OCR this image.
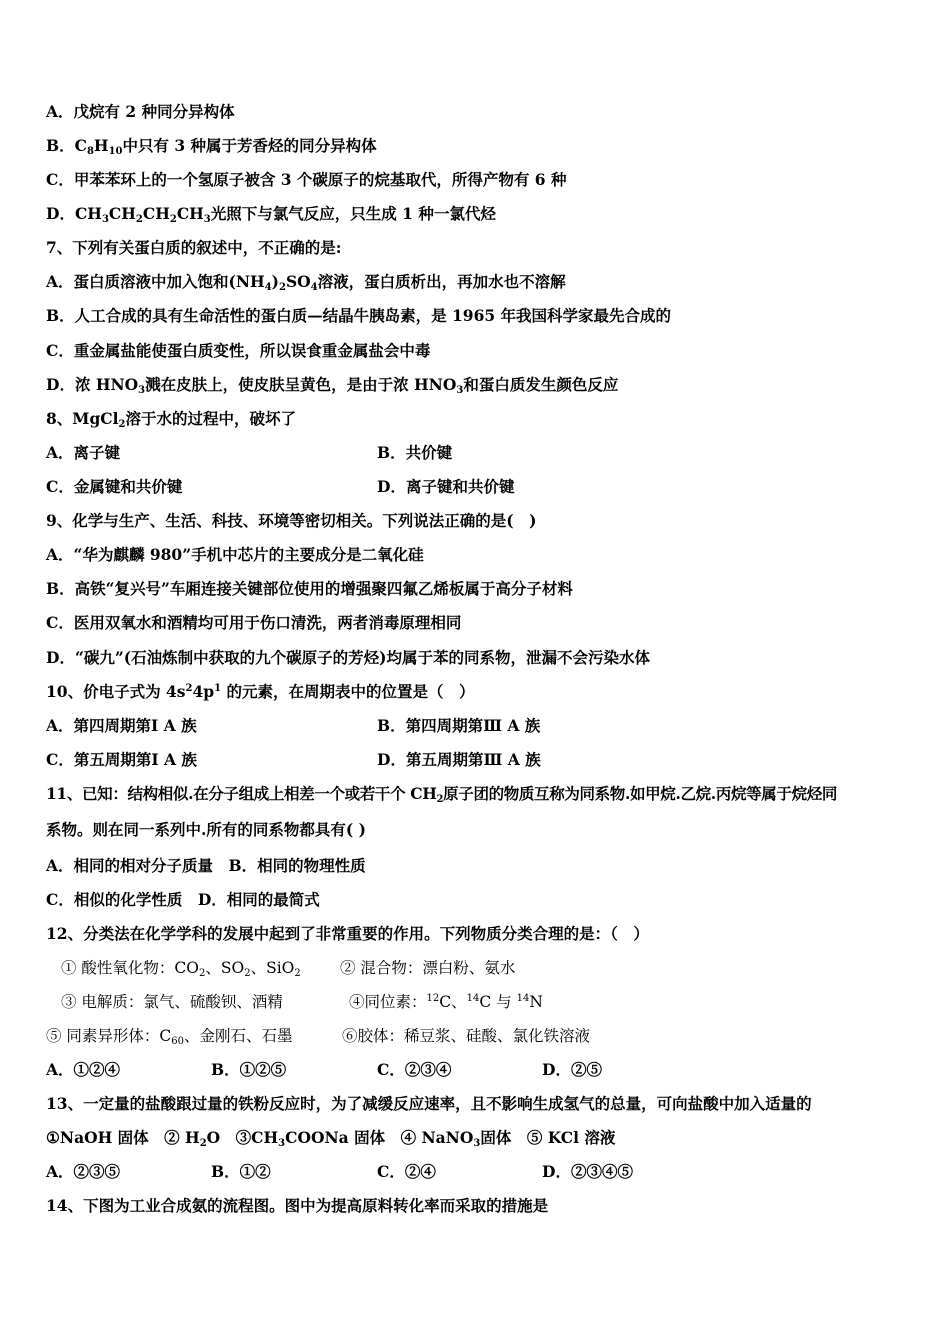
A．戊烷有 2 种同分异构体
B．$C_8H_{10}$中只有 3 种属于芳香烃的同分异构体
C．甲苯苯环上的一个氢原子被含 3 个碳原子的烷基取代，所得产物有 6 种
D．$CH_3CH_2CH_2CH_3$光照下与氯气反应，只生成 1 种一氯代烃
7、下列有关蛋白质的叙述中，不正确的是:
A．蛋白质溶液中加入饱和$(NH_4)_2SO_4$溶液，蛋白质析出，再加水也不溶解
B．人工合成的具有生命活性的蛋白质—结晶牛胰岛素，是 1965 年我国科学家最先合成的
C．重金属盐能使蛋白质变性，所以误食重金属盐会中毒
D．浓 $HNO_3$溅在皮肤上，使皮肤呈黄色，是由于浓 $HNO_3$和蛋白质发生颜色反应
8、MgCl$_2$溶于水的过程中，破坏了
A．离子键	B．共价键
C．金属键和共价键	D．离子键和共价键
9、化学与生产、生活、科技、环境等密切相关。下列说法正确的是(　)
A．“华为麒麟 980”手机中芯片的主要成分是二氧化硅
B．高铁“复兴号”车厢连接关键部位使用的增强聚四氟乙烯板属于高分子材料
C．医用双氧水和酒精均可用于伤口清洗，两者消毒原理相同
D．“碳九”(石油炼制中获取的九个碳原子的芳烃)均属于苯的同系物，泄漏不会污染水体
10、价电子式为 $4s^24p^1$ 的元素，在周期表中的位置是（　）
A．第四周期第Ⅰ A 族	B．第四周期第Ⅲ A 族
C．第五周期第Ⅰ A 族	D．第五周期第Ⅲ A 族
11、已知：结构相似.在分子组成上相差一个或若干个 $CH_2$原子团的物质互称为同系物.如甲烷.乙烷.丙烷等属于烷烃同
系物。则在同一系列中.所有的同系物都具有( )
A．相同的相对分子质量　B．相同的物理性质
C．相似的化学性质　D．相同的最简式
12、分类法在化学学科的发展中起到了非常重要的作用。下列物质分类合理的是：（　）
① 酸性氧化物：$CO_2$、$SO_2$、SiO$_2$	② 混合物：漂白粉、氨水
③ 电解质：氯气、硫酸钡、酒精	④同位素：$^{12}$C、$^{14}$C 与 $^{14}$N
⑤ 同素异形体：$C_{60}$、金刚石、石墨	⑥胶体：稀豆浆、硅酸、氯化铁溶液
A．①②④	B．①②⑤	C．②③④	D．②⑤
13、一定量的盐酸跟过量的铁粉反应时，为了减缓反应速率，且不影响生成氢气的总量，可向盐酸中加入适量的
①NaOH 固体　② $H_2O$　$③CH_3COONa$ 固体　④ NaNO$_3$固体　⑤ KCl 溶液
A．②③⑤	B．①②	C．②④	D．②③④⑤
14、下图为工业合成氨的流程图。图中为提高原料转化率而采取的措施是
